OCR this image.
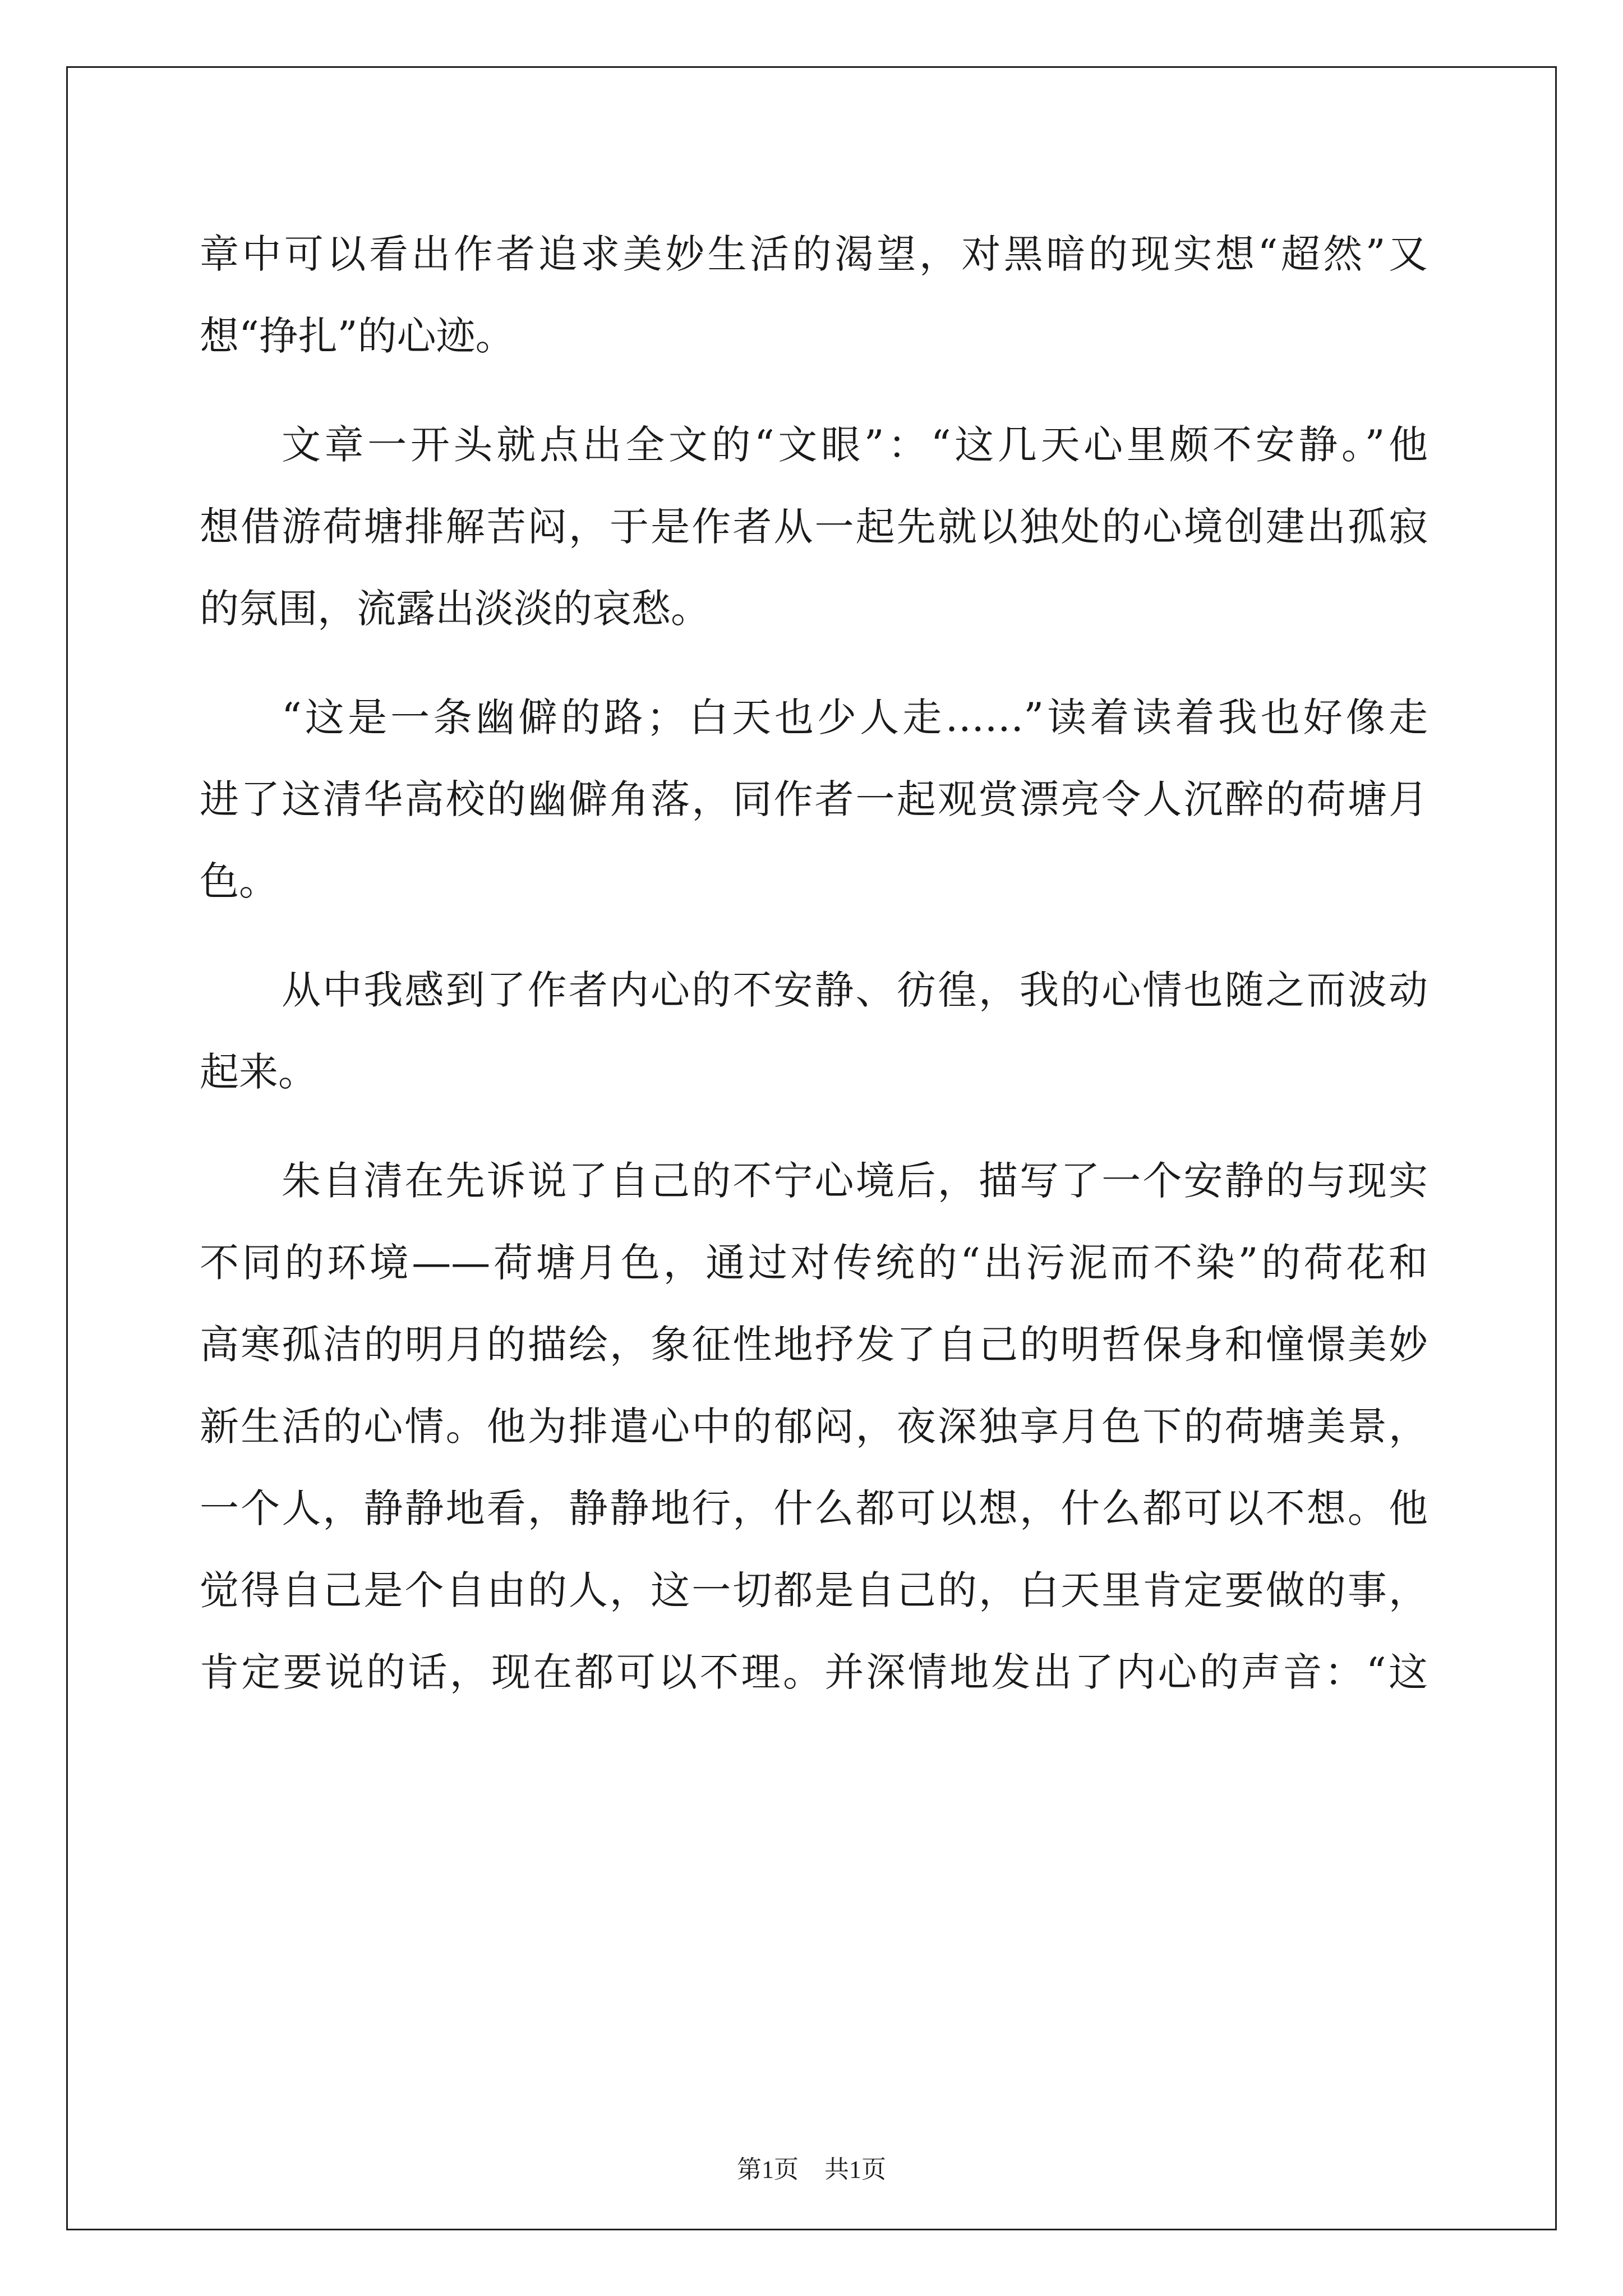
章中可以看出作者追求美妙生活的渴望，对黑暗的现实想“超然”又
想“挣扎”的心迹。
文章一开头就点出全文的“文眼”：“这几天心里颇不安静。”他
想借游荷塘排解苦闷，于是作者从一起先就以独处的心境创建出孤寂
的氛围，流露出淡淡的哀愁。
“这是一条幽僻的路；白天也少人走……”读着读着我也好像走
进了这清华高校的幽僻角落，同作者一起观赏漂亮令人沉醉的荷塘月
色。
从中我感到了作者内心的不安静、彷徨，我的心情也随之而波动
起来。
朱自清在先诉说了自己的不宁心境后，描写了一个安静的与现实
不同的环境——荷塘月色，通过对传统的“出污泥而不染”的荷花和
高寒孤洁的明月的描绘，象征性地抒发了自己的明哲保身和憧憬美妙
新生活的心情。他为排遣心中的郁闷，夜深独享月色下的荷塘美景，
一个人，静静地看，静静地行，什么都可以想，什么都可以不想。他
觉得自己是个自由的人，这一切都是自己的，白天里肯定要做的事，
肯定要说的话，现在都可以不理。并深情地发出了内心的声音：“这
第1页 共1页
